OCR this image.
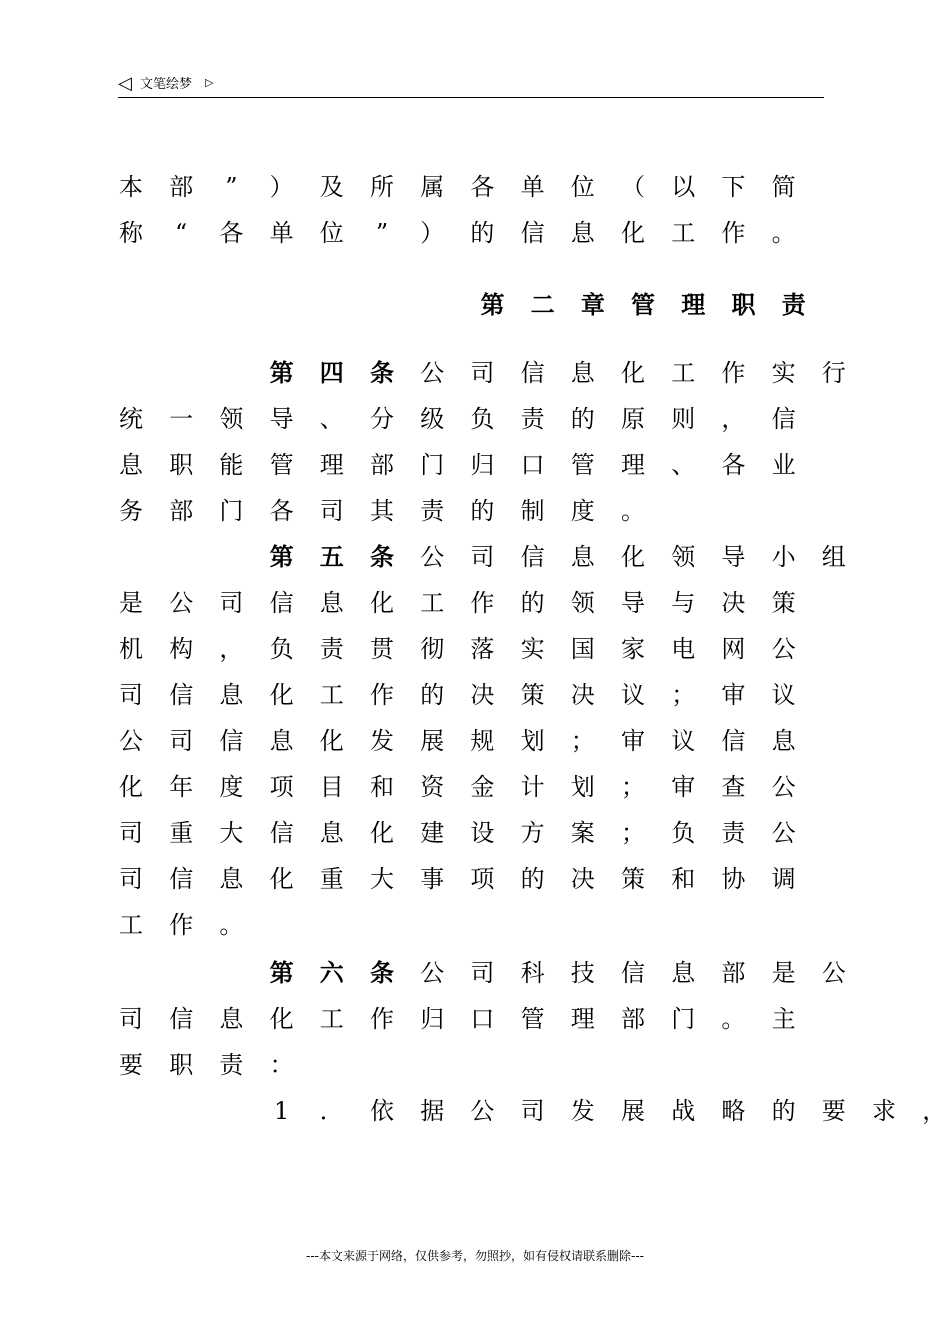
◁ 文笔绘梦 ▷
本 部 ” ） 及 所 属 各 单 位 （ 以 下 简
称 “ 各 单 位 ” ） 的 信 息 化 工 作 。
第 二 章 管 理 职 责
第 四 条 公 司 信 息 化 工 作 实 行
统 一 领 导 、 分 级 负 责 的 原 则 ， 信
息 职 能 管 理 部 门 归 口 管 理 、 各 业
务 部 门 各 司 其 责 的 制 度 。
第 五 条 公 司 信 息 化 领 导 小 组
是 公 司 信 息 化 工 作 的 领 导 与 决 策
机 构 ， 负 责 贯 彻 落 实 国 家 电 网 公
司 信 息 化 工 作 的 决 策 决 议 ； 审 议
公 司 信 息 化 发 展 规 划 ； 审 议 信 息
化 年 度 项 目 和 资 金 计 划 ； 审 查 公
司 重 大 信 息 化 建 设 方 案 ； 负 责 公
司 信 息 化 重 大 事 项 的 决 策 和 协 调
工 作 。
第 六 条 公 司 科 技 信 息 部 是 公
司 信 息 化 工 作 归 口 管 理 部 门 。 主
要 职 责 ：
1 ． 依 据 公 司 发 展 战 略 的 要 求 ，
---本文来源于网络，仅供参考，勿照抄，如有侵权请联系删除---
